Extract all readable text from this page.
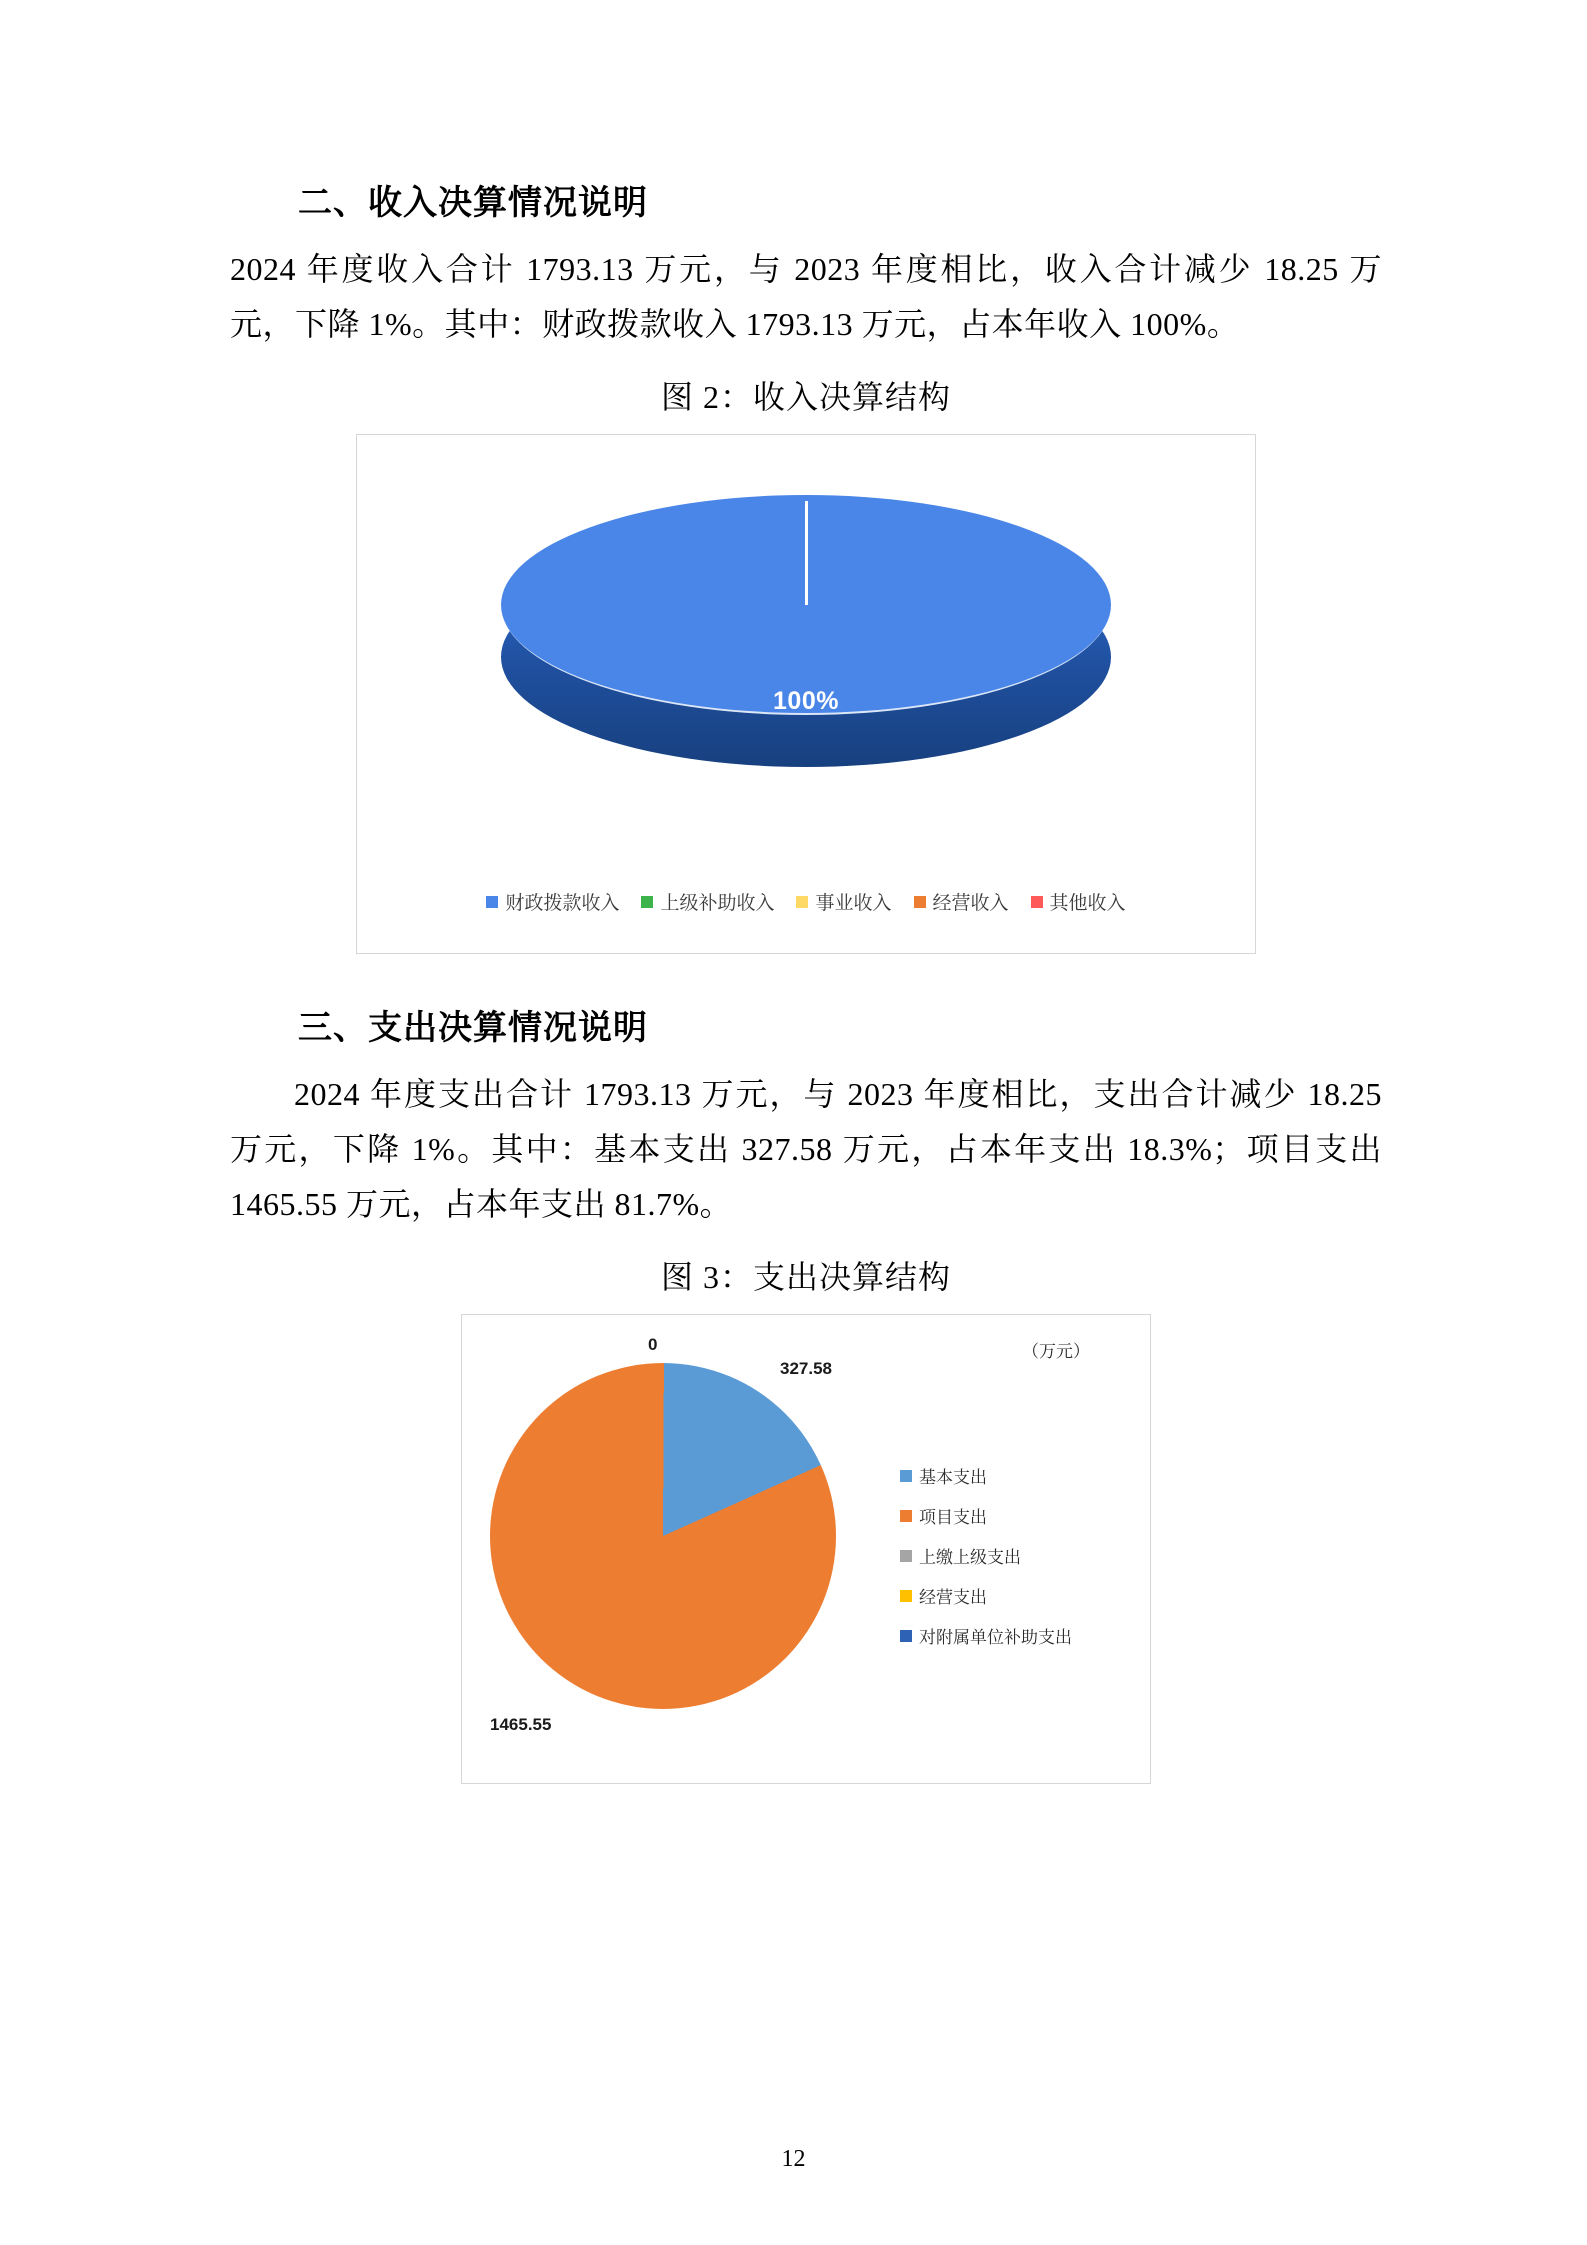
二、收入决算情况说明

2024 年度收入合计 1793.13 万元，与 2023 年度相比，收入合计减少 18.25 万元，下降 1%。其中：财政拨款收入 1793.13 万元，占本年收入 100%。

图 2：收入决算结构
0%
100%
财政拨款收入 上级补助收入 事业收入 经营收入 其他收入
三、支出决算情况说明

2024 年度支出合计 1793.13 万元，与 2023 年度相比，支出合计减少 18.25 万元，下降 1%。其中：基本支出 327.58 万元，占本年支出 18.3%；项目支出 1465.55 万元，占本年支出 81.7%。

图 3：支出决算结构
（万元）
0
327.58
1465.55
基本支出
项目支出
上缴上级支出
经营支出
对附属单位补助支出
12
